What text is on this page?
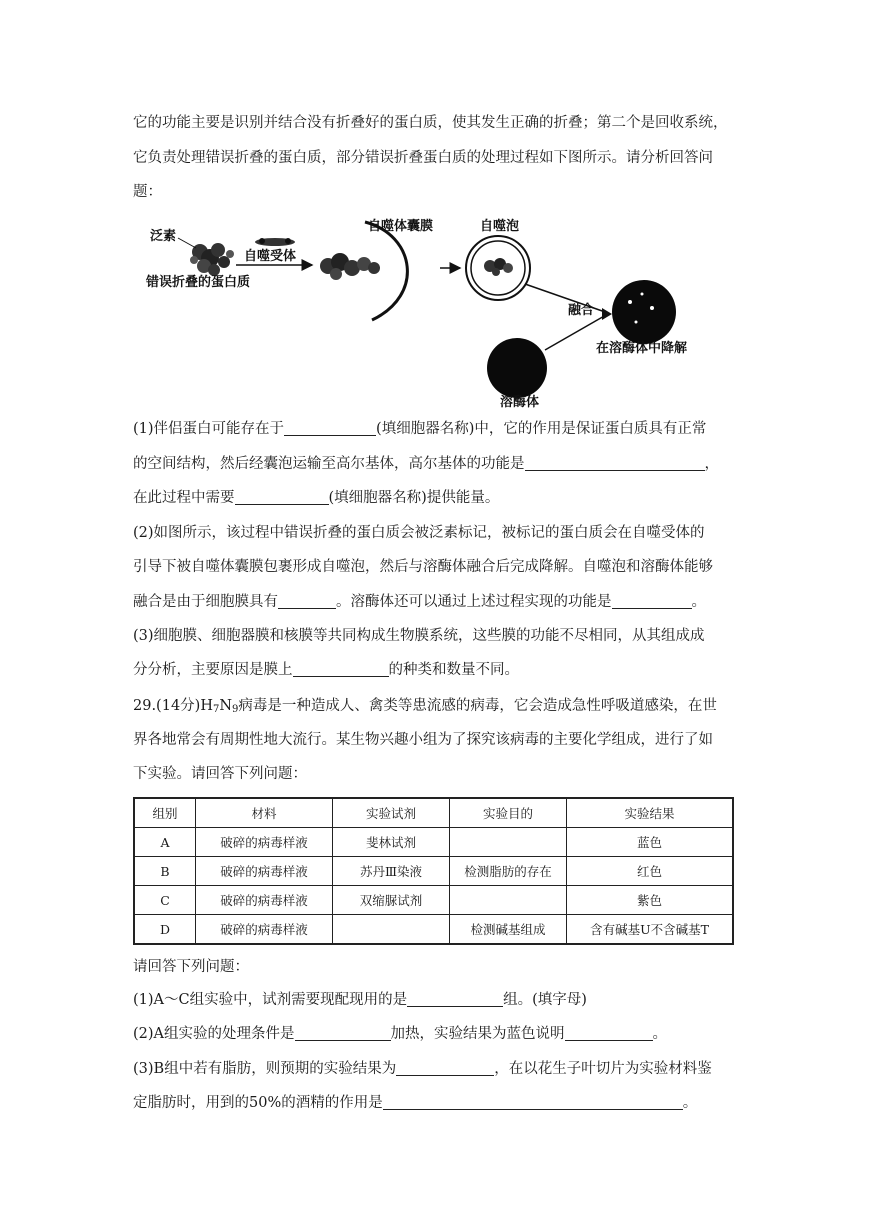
它的功能主要是识别并结合没有折叠好的蛋白质，使其发生正确的折叠；第二个是回收系统，
它负责处理错误折叠的蛋白质，部分错误折叠蛋白质的处理过程如下图所示。请分析回答问
题：
泛素
错误折叠的蛋白质
自噬受体
自噬体囊膜	自噬泡
融合
在溶酶体中降解
溶酶体
(1)伴侣蛋白可能存在于	(填细胞器名称)中，它的作用是保证蛋白质具有正常
的空间结构，然后经囊泡运输至高尔基体，高尔基体的功能是	，
在此过程中需要	(填细胞器名称)提供能量。
(2)如图所示，该过程中错误折叠的蛋白质会被泛素标记，被标记的蛋白质会在自噬受体的
引导下被自噬体囊膜包裹形成自噬泡，然后与溶酶体融合后完成降解。自噬泡和溶酶体能够
融合是由于细胞膜具有	。溶酶体还可以通过上述过程实现的功能是	。
(3)细胞膜、细胞器膜和核膜等共同构成生物膜系统，这些膜的功能不尽相同，从其组成成
分分析，主要原因是膜上	的种类和数量不同。
29.(14分)$H_7N_9$病毒是一种造成人、禽类等患流感的病毒，它会造成急性呼吸道感染，在世
界各地常会有周期性地大流行。某生物兴趣小组为了探究该病毒的主要化学组成，进行了如
下实验。请回答下列问题：
组别	材料	实验试剂	实验目的	实验结果
A	破碎的病毒样液	斐林试剂		蓝色
B	破碎的病毒样液	苏丹Ⅲ染液	检测脂肪的存在	红色
C	破碎的病毒样液	双缩脲试剂		紫色
D	破碎的病毒样液		检测碱基组成	含有碱基U不含碱基T
请回答下列问题：
(1)A～C组实验中，试剂需要现配现用的是	组。(填字母)
(2)A组实验的处理条件是	加热，实验结果为蓝色说明	。
(3)B组中若有脂肪，则预期的实验结果为	，在以花生子叶切片为实验材料鉴
定脂肪时，用到的50%的酒精的作用是	。
